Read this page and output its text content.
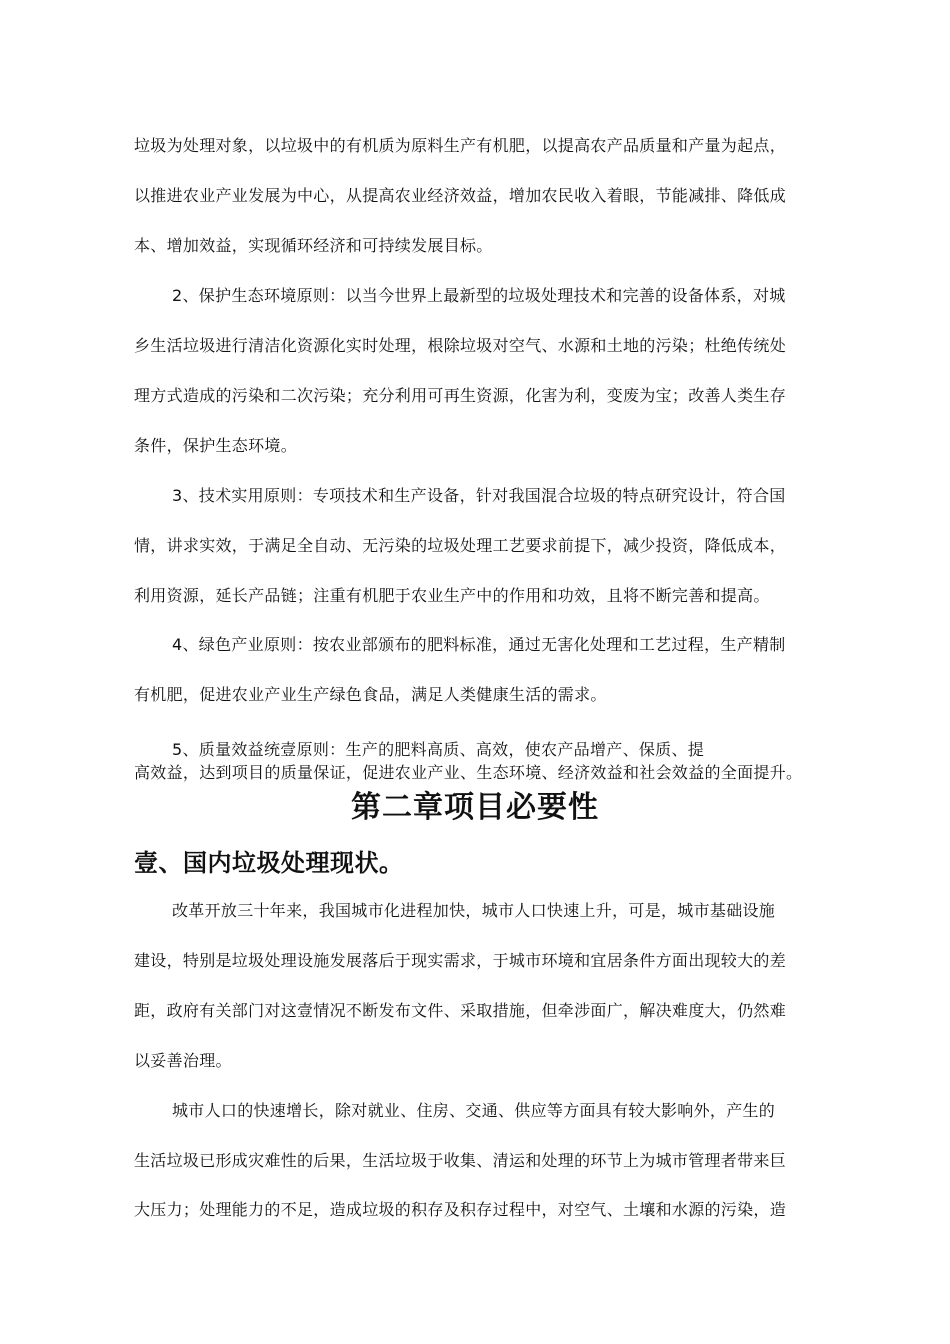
垃圾为处理对象，以垃圾中的有机质为原料生产有机肥，以提高农产品质量和产量为起点，
以推进农业产业发展为中心，从提高农业经济效益，增加农民收入着眼，节能减排、降低成
本、增加效益，实现循环经济和可持续发展目标。
2、保护生态环境原则：以当今世界上最新型的垃圾处理技术和完善的设备体系，对城
乡生活垃圾进行清洁化资源化实时处理，根除垃圾对空气、水源和土地的污染；杜绝传统处
理方式造成的污染和二次污染；充分利用可再生资源，化害为利，变废为宝；改善人类生存
条件，保护生态环境。
3、技术实用原则：专项技术和生产设备，针对我国混合垃圾的特点研究设计，符合国
情，讲求实效，于满足全自动、无污染的垃圾处理工艺要求前提下，减少投资，降低成本，
利用资源，延长产品链；注重有机肥于农业生产中的作用和功效，且将不断完善和提高。
4、绿色产业原则：按农业部颁布的肥料标准，通过无害化处理和工艺过程，生产精制
有机肥，促进农业产业生产绿色食品，满足人类健康生活的需求。
5、质量效益统壹原则：生产的肥料高质、高效，使农产品增产、保质、提
高效益，达到项目的质量保证，促进农业产业、生态环境、经济效益和社会效益的全面提升。
第二章项目必要性
壹、国内垃圾处理现状。
改革开放三十年来，我国城市化进程加快，城市人口快速上升，可是，城市基础设施
建设，特别是垃圾处理设施发展落后于现实需求，于城市环境和宜居条件方面出现较大的差
距，政府有关部门对这壹情况不断发布文件、采取措施，但牵涉面广，解决难度大，仍然难
以妥善治理。
城市人口的快速增长，除对就业、住房、交通、供应等方面具有较大影响外，产生的
生活垃圾已形成灾难性的后果，生活垃圾于收集、清运和处理的环节上为城市管理者带来巨
大压力；处理能力的不足，造成垃圾的积存及积存过程中，对空气、土壤和水源的污染，造
